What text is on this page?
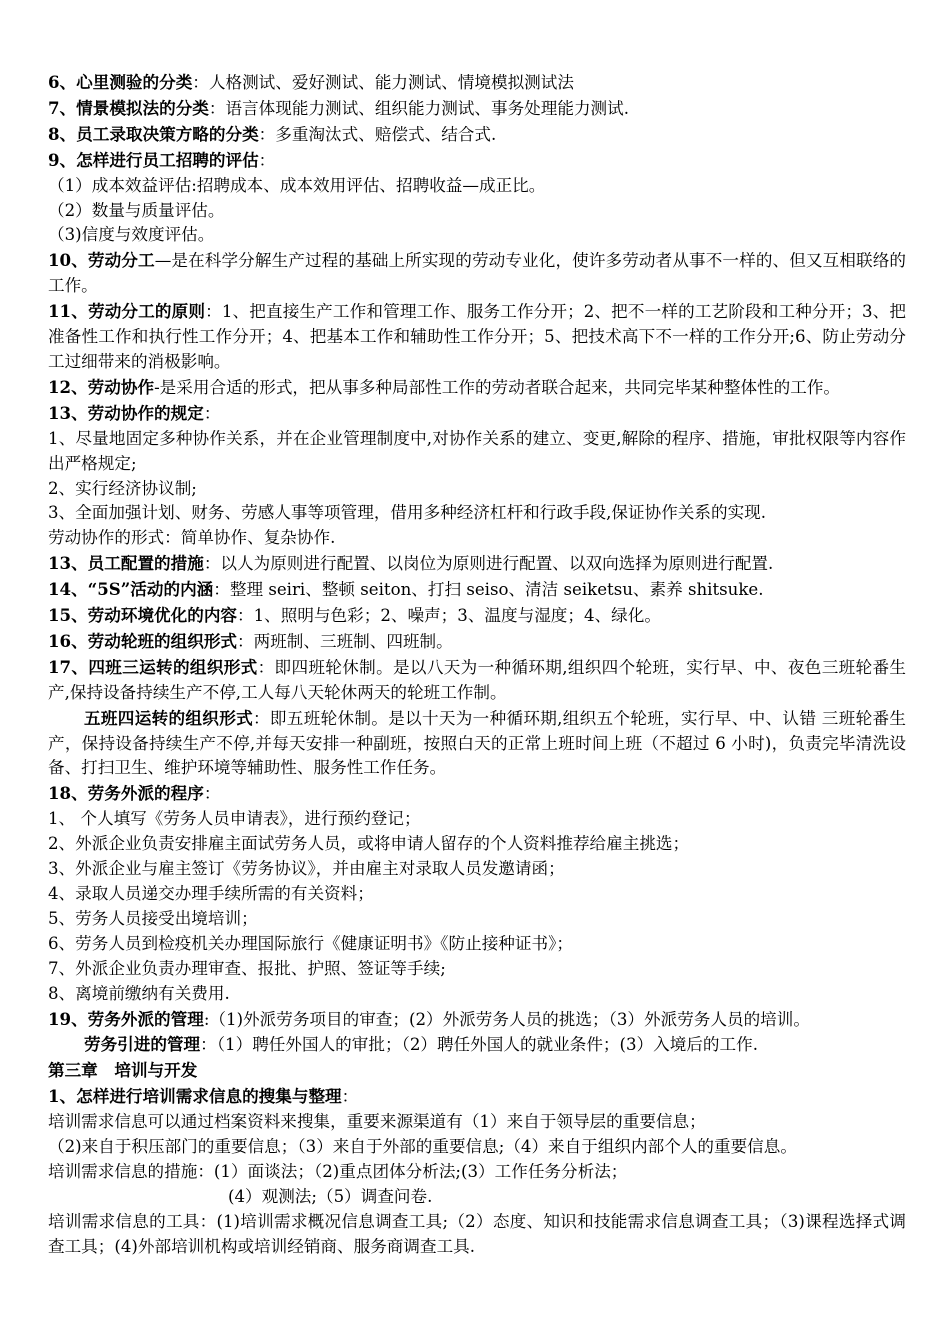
6、心里测验的分类：人格测试、爱好测试、能力测试、情境模拟测试法

7、情景模拟法的分类：语言体现能力测试、组织能力测试、事务处理能力测试.

8、员工录取决策方略的分类：多重淘汰式、赔偿式、结合式.

9、怎样进行员工招聘的评估：

（1）成本效益评估:招聘成本、成本效用评估、招聘收益—成正比。

（2）数量与质量评估。

（3)信度与效度评估。

10、劳动分工—是在科学分解生产过程的基础上所实现的劳动专业化，使许多劳动者从事不一样的、但又互相联络的工作。

11、劳动分工的原则：1、把直接生产工作和管理工作、服务工作分开；2、把不一样的工艺阶段和工种分开；3、把准备性工作和执行性工作分开；4、把基本工作和辅助性工作分开；5、把技术高下不一样的工作分开;6、防止劳动分工过细带来的消极影响。

12、劳动协作-是采用合适的形式，把从事多种局部性工作的劳动者联合起来，共同完毕某种整体性的工作。

13、劳动协作的规定：

1、尽量地固定多种协作关系，并在企业管理制度中,对协作关系的建立、变更,解除的程序、措施，审批权限等内容作出严格规定;

2、实行经济协议制;

3、全面加强计划、财务、劳感人事等项管理，借用多种经济杠杆和行政手段,保证协作关系的实现.

劳动协作的形式：简单协作、复杂协作.

13、员工配置的措施：以人为原则进行配置、以岗位为原则进行配置、以双向选择为原则进行配置.

14、“5S”活动的内涵：整理 seiri、整顿 seiton、打扫 seiso、清洁 seiketsu、素养 shitsuke.

15、劳动环境优化的内容：1、照明与色彩；2、噪声；3、温度与湿度；4、绿化。

16、劳动轮班的组织形式：两班制、三班制、四班制。

17、四班三运转的组织形式：即四班轮休制。是以八天为一种循环期,组织四个轮班，实行早、中、夜色三班轮番生产,保持设备持续生产不停,工人每八天轮休两天的轮班工作制。

五班四运转的组织形式：即五班轮休制。是以十天为一种循环期,组织五个轮班，实行早、中、认错 三班轮番生产，保持设备持续生产不停,并每天安排一种副班，按照白天的正常上班时间上班（不超过 6 小时)，负责完毕清洗设备、打扫卫生、维护环境等辅助性、服务性工作任务。

18、劳务外派的程序：

1、 个人填写《劳务人员申请表》，进行预约登记；

2、外派企业负责安排雇主面试劳务人员，或将申请人留存的个人资料推荐给雇主挑选；

3、外派企业与雇主签订《劳务协议》，并由雇主对录取人员发邀请函；

4、录取人员递交办理手续所需的有关资料；

5、劳务人员接受出境培训；

6、劳务人员到检疫机关办理国际旅行《健康证明书》《防止接种证书》；

7、外派企业负责办理审查、报批、护照、签证等手续;

8、离境前缴纳有关费用.

19、劳务外派的管理:（1)外派劳务项目的审查；(2）外派劳务人员的挑选；（3）外派劳务人员的培训。

劳务引进的管理：（1）聘任外国人的审批；（2）聘任外国人的就业条件；(3）入境后的工作.

第三章　培训与开发

1、怎样进行培训需求信息的搜集与整理：

培训需求信息可以通过档案资料来搜集，重要来源渠道有（1）来自于领导层的重要信息；

（2)来自于积压部门的重要信息；（3）来自于外部的重要信息;（4）来自于组织内部个人的重要信息。

培训需求信息的措施：(1）面谈法；（2)重点团体分析法;(3）工作任务分析法；

(4）观测法;（5）调查问卷.

培训需求信息的工具：(1)培训需求概况信息调查工具;（2）态度、知识和技能需求信息调查工具；（3)课程选择式调查工具；(4)外部培训机构或培训经销商、服务商调查工具.
